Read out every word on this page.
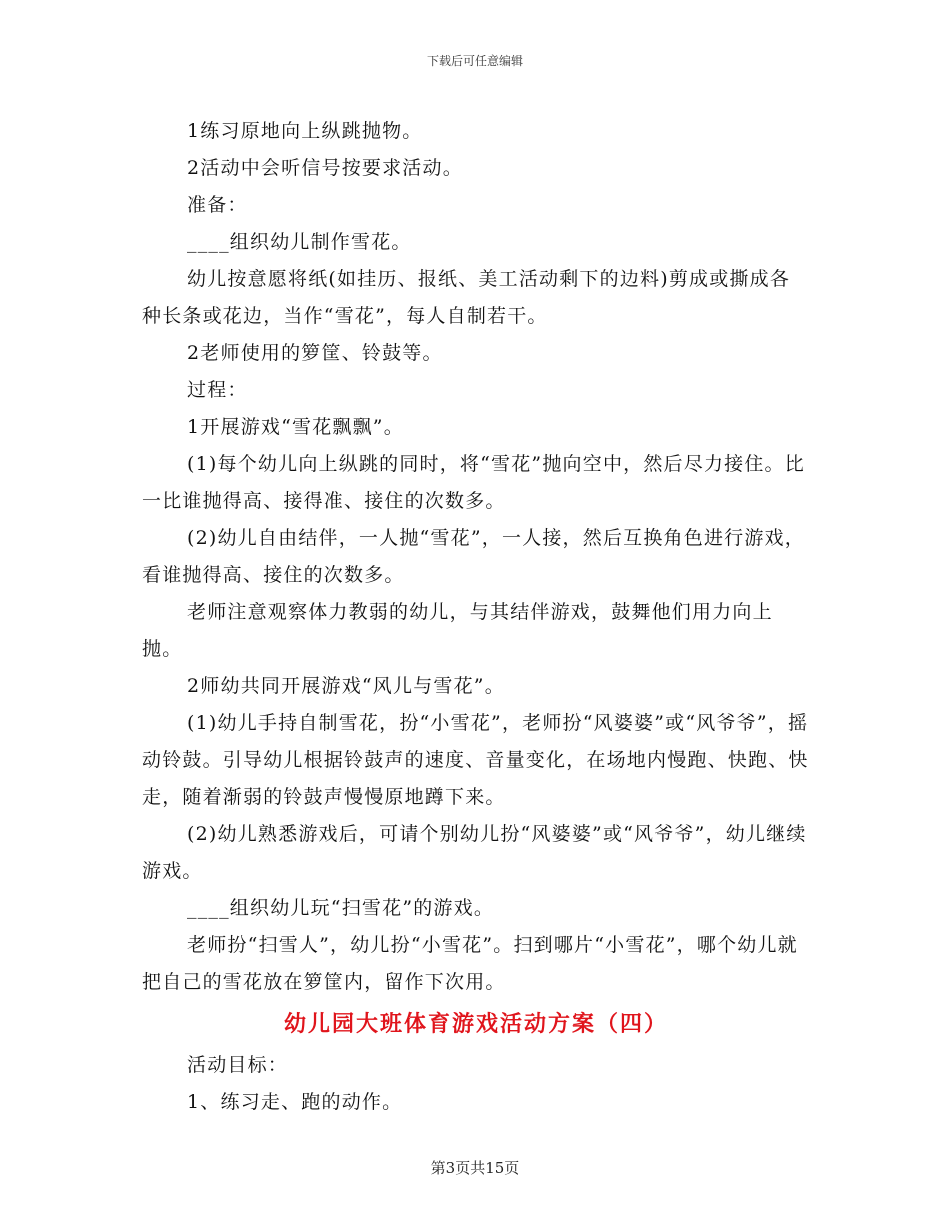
下载后可任意编辑

1练习原地向上纵跳抛物。

2活动中会听信号按要求活动。

准备：

____组织幼儿制作雪花。

幼儿按意愿将纸(如挂历、报纸、美工活动剩下的边料)剪成或撕成各种长条或花边，当作“雪花”，每人自制若干。

2老师使用的箩筐、铃鼓等。

过程：

1开展游戏“雪花飘飘”。

(1)每个幼儿向上纵跳的同时，将“雪花”抛向空中，然后尽力接住。比一比谁抛得高、接得准、接住的次数多。

(2)幼儿自由结伴，一人抛“雪花”，一人接，然后互换角色进行游戏，看谁抛得高、接住的次数多。

老师注意观察体力教弱的幼儿，与其结伴游戏，鼓舞他们用力向上抛。

2师幼共同开展游戏“风儿与雪花”。

(1)幼儿手持自制雪花，扮“小雪花”，老师扮“风婆婆”或“风爷爷”，摇动铃鼓。引导幼儿根据铃鼓声的速度、音量变化，在场地内慢跑、快跑、快走，随着渐弱的铃鼓声慢慢原地蹲下来。

(2)幼儿熟悉游戏后，可请个别幼儿扮“风婆婆”或“风爷爷”，幼儿继续游戏。

____组织幼儿玩“扫雪花”的游戏。

老师扮“扫雪人”，幼儿扮“小雪花”。扫到哪片“小雪花”，哪个幼儿就把自己的雪花放在箩筐内，留作下次用。

幼儿园大班体育游戏活动方案（四）

活动目标：

1、练习走、跑的动作。

第3页共15页
